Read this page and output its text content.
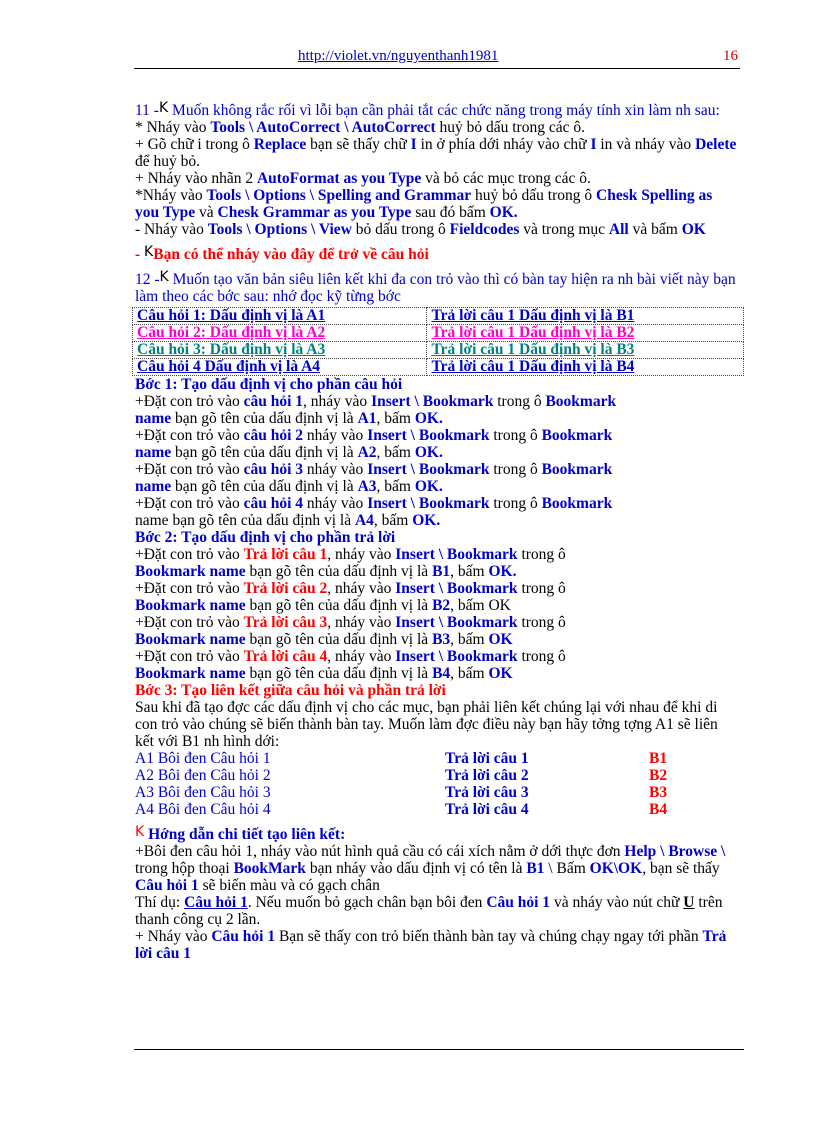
http://violet.vn/nguyenthanh1981	16

11 -K Muốn không rắc rối vì lỗi bạn cần phải tắt các chức năng trong máy tính xin làm nh sau:

* Nháy vào Tools \ AutoCorrect \ AutoCorrect huỷ bỏ dấu trong các ô.

+ Gõ chữ i trong ô Replace bạn sẽ thấy chữ I in ở phía dới nháy vào chữ I in và nháy vào Delete để huỷ bỏ.

+ Nháy vào nhãn 2 AutoFormat as you Type và bỏ các mục trong các ô.

*Nháy vào Tools \ Options \ Spelling and Grammar huỷ bỏ dấu trong ô Chesk Spelling as you Type và Chesk Grammar as you Type sau đó bấm OK.

- Nháy vào Tools \ Options \ View bỏ dấu trong ô Fieldcodes và trong mục All và bấm OK

- KBạn có thể nháy vào đây để trở về câu hỏi

12 -K Muốn tạo văn bản siêu liên kết khi đa con trỏ vào thì có bàn tay hiện ra nh bài viết này bạn làm theo các bớc sau: nhớ đọc kỹ từng bớc

Câu hỏi 1: Dấu định vị là A1	Trả lời câu 1 Dấu định vị là B1
Câu hỏi 2: Dấu định vị là A2	Trả lời câu 1 Dấu định vị là B2
Câu hỏi 3: Dấu định vị là A3	Trả lời câu 1 Dấu định vị là B3
Câu hỏi 4 Dấu định vị là A4	Trả lời câu 1 Dấu định vị là B4

Bớc 1: Tạo dấu định vị cho phần câu hỏi

+Đặt con trỏ vào câu hỏi 1, nháy vào Insert \ Bookmark trong ô Bookmark
name bạn gõ tên của dấu định vị là A1, bấm OK.

+Đặt con trỏ vào câu hỏi 2 nháy vào Insert \ Bookmark trong ô Bookmark
name bạn gõ tên của dấu định vị là A2, bấm OK.

+Đặt con trỏ vào câu hỏi 3 nháy vào Insert \ Bookmark trong ô Bookmark
name bạn gõ tên của dấu định vị là A3, bấm OK.

+Đặt con trỏ vào câu hỏi 4 nháy vào Insert \ Bookmark trong ô Bookmark
name bạn gõ tên của dấu định vị là A4, bấm OK.

Bớc 2: Tạo dấu định vị cho phần trả lời

+Đặt con trỏ vào Trả lời câu 1, nháy vào Insert \ Bookmark trong ô
Bookmark name bạn gõ tên của dấu định vị là B1, bấm OK.

+Đặt con trỏ vào Trả lời câu 2, nháy vào Insert \ Bookmark trong ô
Bookmark name bạn gõ tên của dấu định vị là B2, bấm OK

+Đặt con trỏ vào Trả lời câu 3, nháy vào Insert \ Bookmark trong ô
Bookmark name bạn gõ tên của dấu định vị là B3, bấm OK

+Đặt con trỏ vào Trả lời câu 4, nháy vào Insert \ Bookmark trong ô
Bookmark name bạn gõ tên của dấu định vị là B4, bấm OK

Bớc 3: Tạo liên kết giữa câu hỏi và phần trả lời

Sau khi đã tạo đợc các dấu định vị cho các mục, bạn phải liên kết chúng lại với nhau để khi di con trỏ vào chúng sẽ biến thành bàn tay. Muốn làm đợc điều này bạn hãy tởng tợng A1 sẽ liên kết với B1 nh hình dới:

A1 Bôi đen Câu hỏi 1	Trả lời câu 1	B1
A2 Bôi đen Câu hỏi 2	Trả lời câu 2	B2
A3 Bôi đen Câu hỏi 3	Trả lời câu 3	B3
A4 Bôi đen Câu hỏi 4	Trả lời câu 4	B4

K Hớng dẫn chi tiết tạo liên kết:

+Bôi đen câu hỏi 1, nháy vào nút hình quả cầu có cái xích nằm ở dới thực đơn Help \ Browse \ trong hộp thoại BookMark bạn nháy vào dấu định vị có tên là B1 \ Bấm OK\OK, bạn sẽ thấy Câu hỏi 1 sẽ biến màu và có gạch chân

Thí dụ: Câu hỏi 1. Nếu muốn bỏ gạch chân bạn bôi đen Câu hỏi 1 và nháy vào nút chữ U trên thanh công cụ 2 lần.

+ Nháy vào Câu hỏi 1 Bạn sẽ thấy con trỏ biến thành bàn tay và chúng chạy ngay tới phần Trả lời câu 1
